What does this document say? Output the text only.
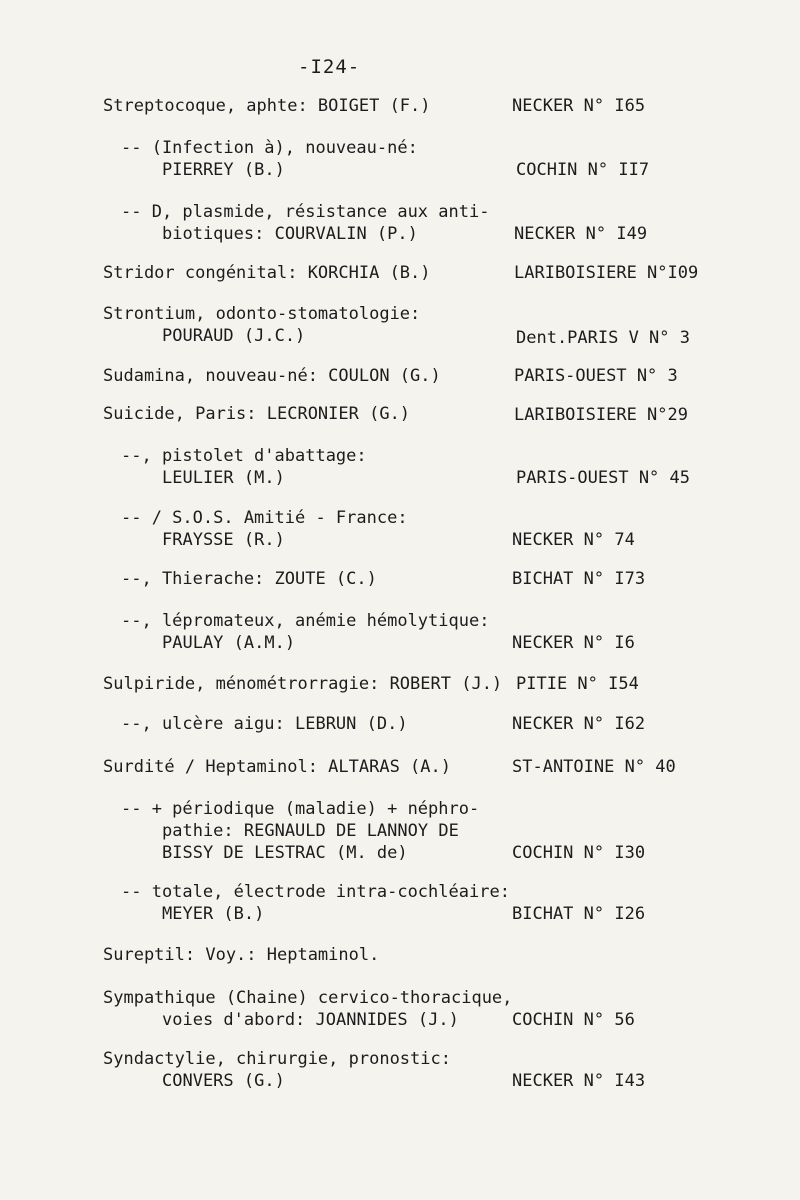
-I24-
Streptocoque, aphte: BOIGET (F.)	NECKER N° I65
-- (Infection à), nouveau-né:
PIERREY (B.)	COCHIN N° II7
-- D, plasmide, résistance aux anti-
biotiques: COURVALIN (P.)	NECKER N° I49
Stridor congénital: KORCHIA (B.)	LARIBOISIERE N°I09
Strontium, odonto-stomatologie:
POURAUD (J.C.)	Dent.PARIS V N° 3
Sudamina, nouveau-né: COULON (G.)	PARIS-OUEST N° 3
Suicide, Paris: LECRONIER (G.)	LARIBOISIERE N°29
--, pistolet d'abattage:
LEULIER (M.)	PARIS-OUEST N° 45
-- / S.O.S. Amitié - France:
FRAYSSE (R.)	NECKER N° 74
--, Thierache: ZOUTE (C.)	BICHAT N° I73
--, lépromateux, anémie hémolytique:
PAULAY (A.M.)	NECKER N° I6
Sulpiride, ménométrorragie: ROBERT (J.) PITIE N° I54
--, ulcère aigu: LEBRUN (D.)	NECKER N° I62
Surdité / Heptaminol: ALTARAS (A.)	ST-ANTOINE N° 40
-- + périodique (maladie) + néphro-
pathie: REGNAULD DE LANNOY DE
BISSY DE LESTRAC (M. de)	COCHIN N° I30
-- totale, électrode intra-cochléaire:
MEYER (B.)	BICHAT N° I26
Sureptil: Voy.: Heptaminol.
Sympathique (Chaine) cervico-thoracique,
voies d'abord: JOANNIDES (J.)	COCHIN N° 56
Syndactylie, chirurgie, pronostic:
CONVERS (G.)	NECKER N° I43
